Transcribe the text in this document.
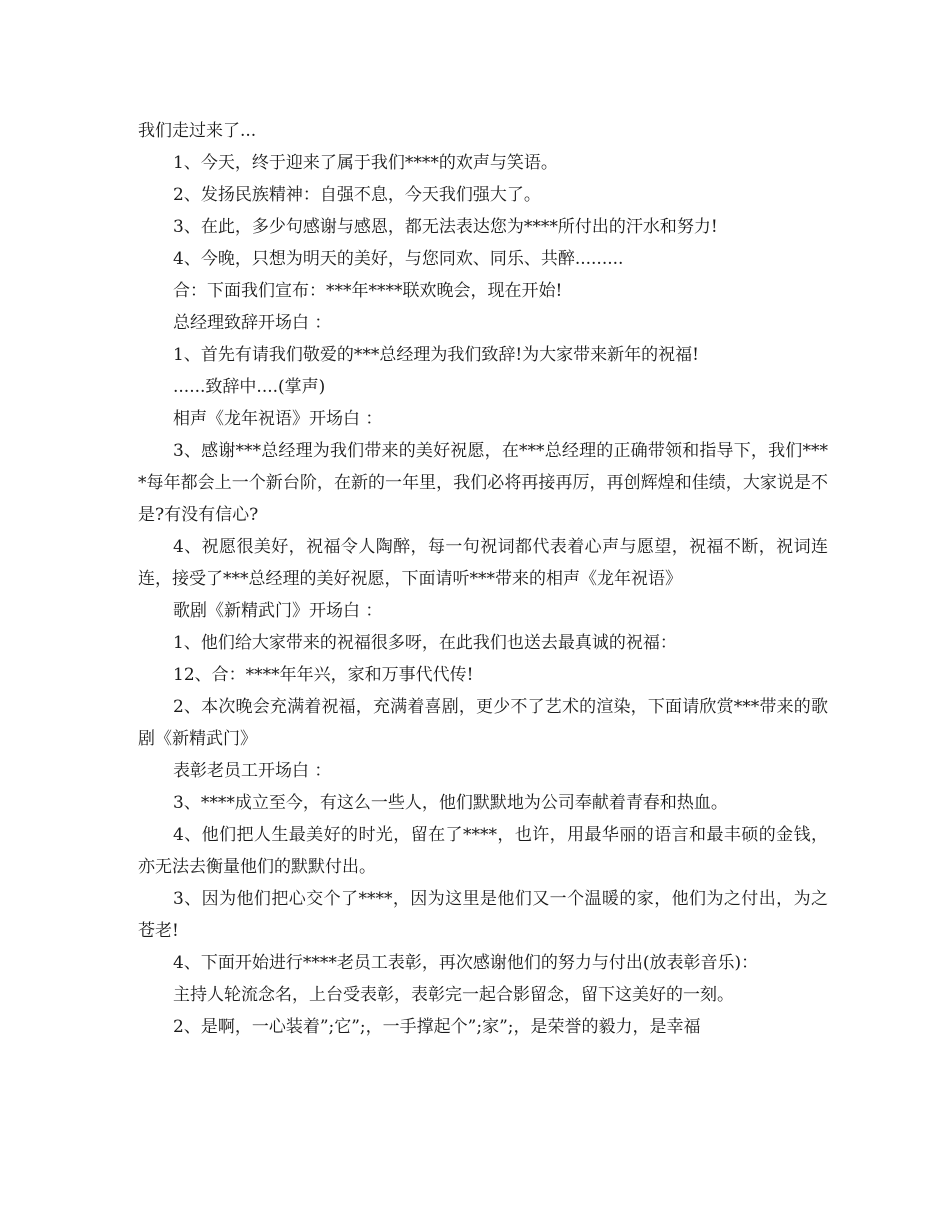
我们走过来了...

1、今天，终于迎来了属于我们****的欢声与笑语。

2、发扬民族精神：自强不息，今天我们强大了。

3、在此，多少句感谢与感恩，都无法表达您为****所付出的汗水和努力!

4、今晚，只想为明天的美好，与您同欢、同乐、共醉.........

合：下面我们宣布：***年****联欢晚会，现在开始!

总经理致辞开场白 ：

1、首先有请我们敬爱的***总经理为我们致辞!为大家带来新年的祝福!

......致辞中....(掌声)

相声《龙年祝语》开场白 ：

3、感谢***总经理为我们带来的美好祝愿，在***总经理的正确带领和指导下，我们****每年都会上一个新台阶，在新的一年里，我们必将再接再厉，再创辉煌和佳绩，大家说是不是?有没有信心?

4、祝愿很美好，祝福令人陶醉，每一句祝词都代表着心声与愿望，祝福不断，祝词连连，接受了***总经理的美好祝愿，下面请听***带来的相声《龙年祝语》

歌剧《新精武门》开场白 ：

1、他们给大家带来的祝福很多呀，在此我们也送去最真诚的祝福：

12、合：****年年兴，家和万事代代传!

2、本次晚会充满着祝福，充满着喜剧，更少不了艺术的渲染，下面请欣赏***带来的歌剧《新精武门》

表彰老员工开场白 ：

3、****成立至今，有这么一些人，他们默默地为公司奉献着青春和热血。

4、他们把人生最美好的时光，留在了****，也许，用最华丽的语言和最丰硕的金钱，亦无法去衡量他们的默默付出。

3、因为他们把心交个了****，因为这里是他们又一个温暖的家，他们为之付出，为之苍老!

4、下面开始进行****老员工表彰，再次感谢他们的努力与付出(放表彰音乐)：

主持人轮流念名，上台受表彰，表彰完一起合影留念，留下这美好的一刻。

2、是啊，一心装着”;它”;，一手撑起个”;家”;，是荣誉的毅力，是幸福
